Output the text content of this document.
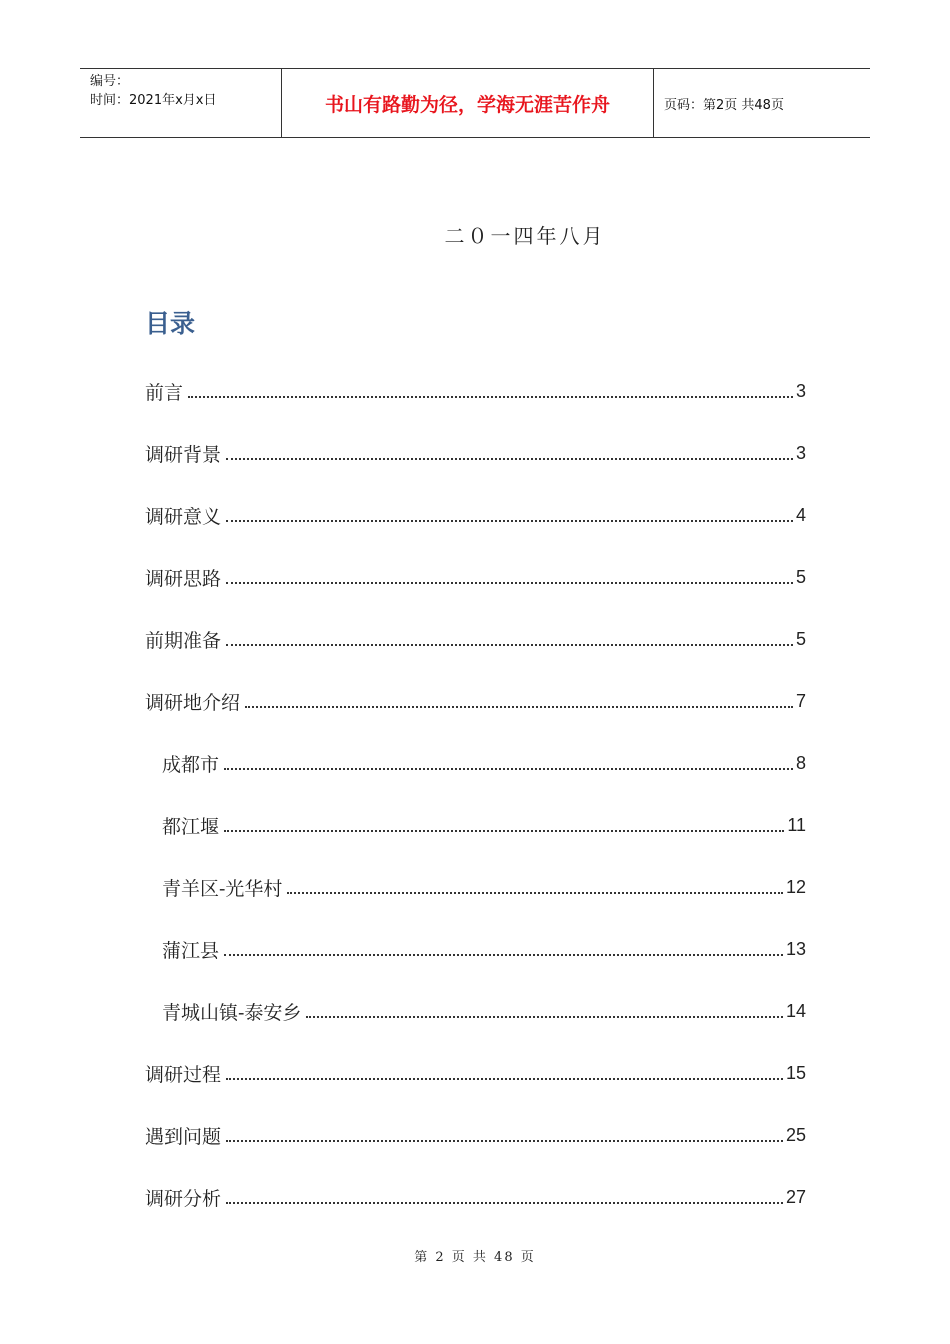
编号：
时间：2021年x月x日	书山有路勤为径，学海无涯苦作舟	页码：第2页 共48页
二０一四年八月
目录
前言	3
调研背景	3
调研意义	4
调研思路	5
前期准备	5
调研地介绍	7
成都市	8
都江堰	11
青羊区-光华村	12
蒲江县	13
青城山镇-泰安乡	14
调研过程	15
遇到问题	25
调研分析	27
第 2 页 共 48 页
